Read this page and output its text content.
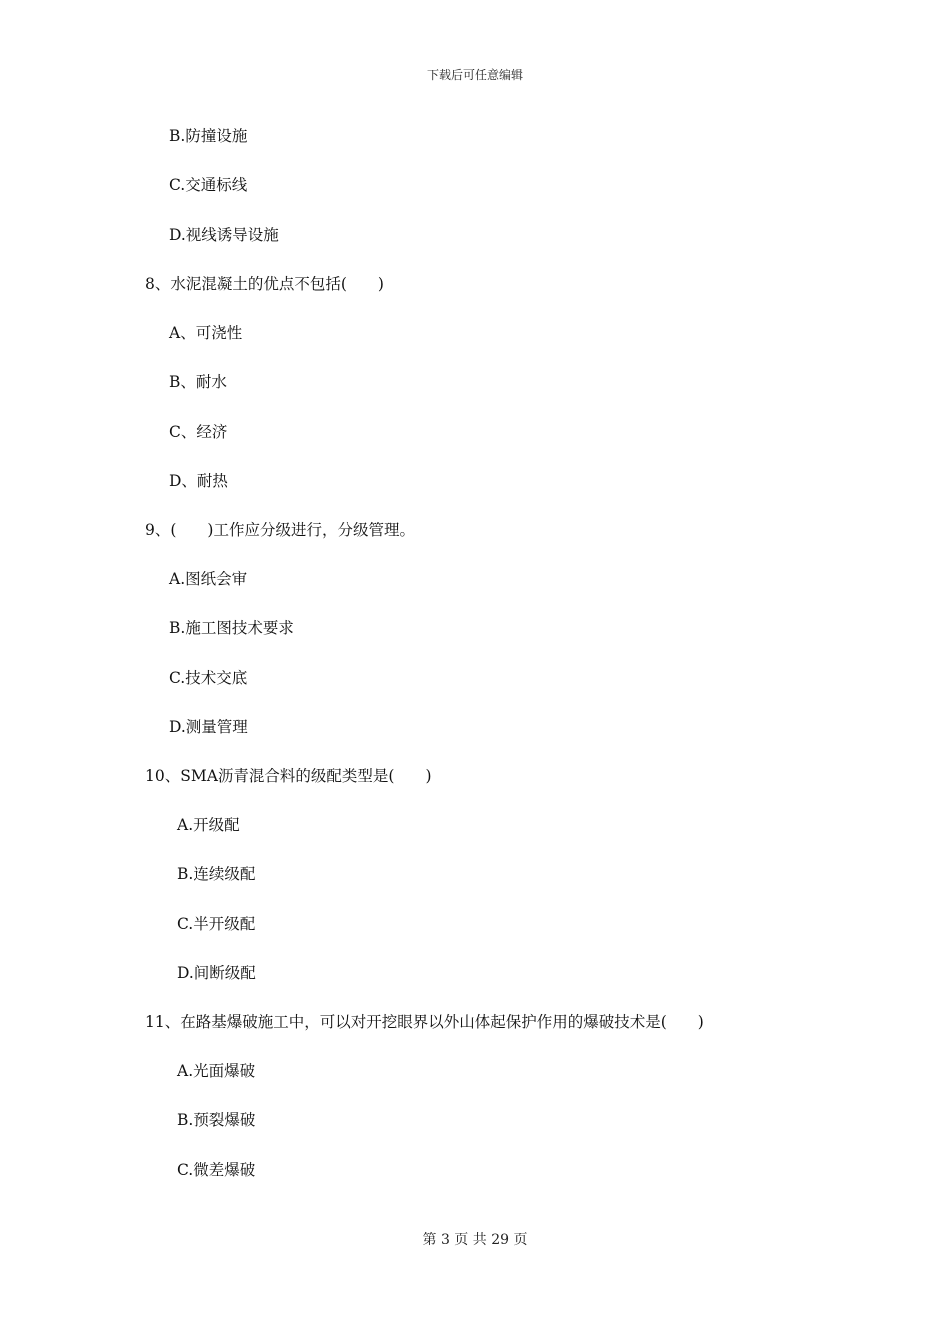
下载后可任意编辑
B.防撞设施
C.交通标线
D.视线诱导设施
8、水泥混凝土的优点不包括(　　)
A、可浇性
B、耐水
C、经济
D、耐热
9、(　　)工作应分级进行，分级管理。
A.图纸会审
B.施工图技术要求
C.技术交底
D.测量管理
10、SMA沥青混合料的级配类型是(　　)
A.开级配
B.连续级配
C.半开级配
D.间断级配
11、在路基爆破施工中，可以对开挖眼界以外山体起保护作用的爆破技术是(　　)
A.光面爆破
B.预裂爆破
C.微差爆破
第 3 页 共 29 页
